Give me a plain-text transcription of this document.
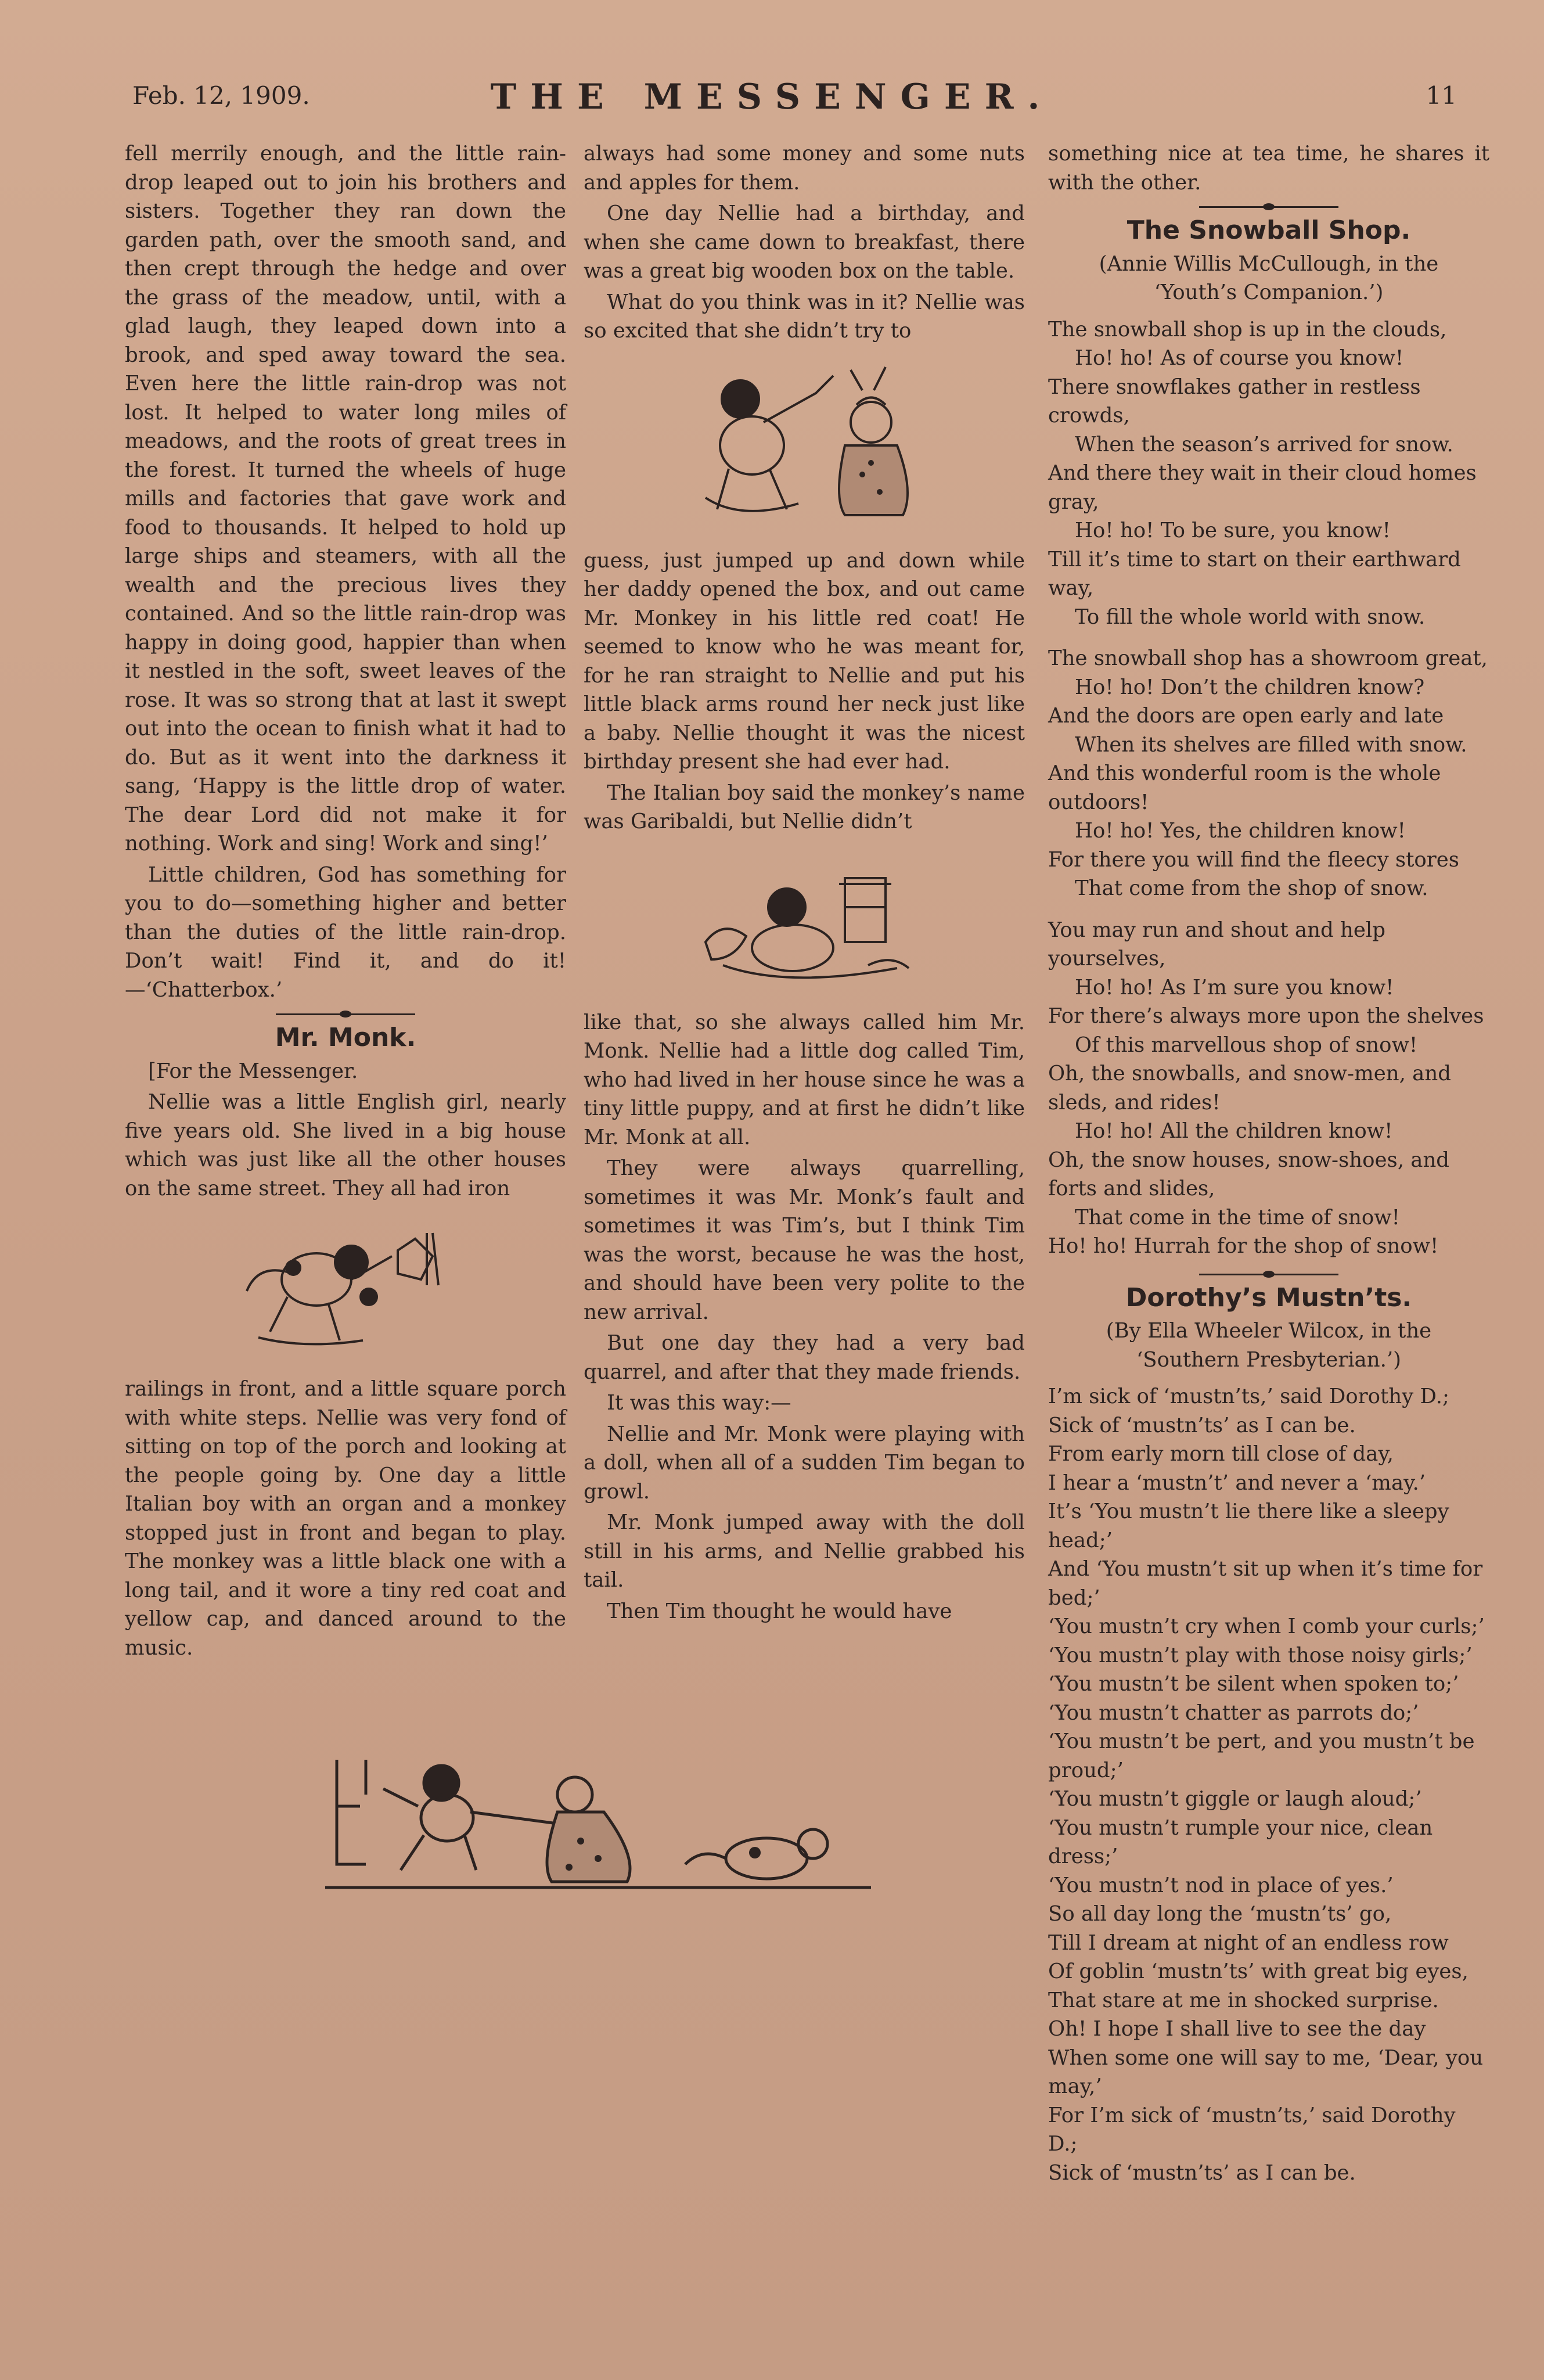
Feb. 12, 1909.	THE MESSENGER.	11

fell merrily enough, and the little rain-drop leaped out to join his brothers and sisters. Together they ran down the garden path, over the smooth sand, and then crept through the hedge and over the grass of the meadow, until, with a glad laugh, they leaped down into a brook, and sped away toward the sea. Even here the little rain-drop was not lost. It helped to water long miles of meadows, and the roots of great trees in the forest. It turned the wheels of huge mills and factories that gave work and food to thousands. It helped to hold up large ships and steamers, with all the wealth and the precious lives they contained. And so the little rain-drop was happy in doing good, happier than when it nestled in the soft, sweet leaves of the rose. It was so strong that at last it swept out into the ocean to finish what it had to do. But as it went into the darkness it sang, ‘Happy is the little drop of water. The dear Lord did not make it for nothing. Work and sing! Work and sing!’

Little children, God has something for you to do—something higher and better than the duties of the little rain-drop. Don’t wait! Find it, and do it!—‘Chatterbox.’

Mr. Monk.

[For the Messenger.

Nellie was a little English girl, nearly five years old. She lived in a big house which was just like all the other houses on the same street. They all had iron

railings in front, and a little square porch with white steps. Nellie was very fond of sitting on top of the porch and looking at the people going by. One day a little Italian boy with an organ and a monkey stopped just in front and began to play. The monkey was a little black one with a long tail, and it wore a tiny red coat and yellow cap, and danced around to the music.

always had some money and some nuts and apples for them.

One day Nellie had a birthday, and when she came down to breakfast, there was a great big wooden box on the table.

What do you think was in it? Nellie was so excited that she didn’t try to

guess, just jumped up and down while her daddy opened the box, and out came Mr. Monkey in his little red coat! He seemed to know who he was meant for, for he ran straight to Nellie and put his little black arms round her neck just like a baby. Nellie thought it was the nicest birthday present she had ever had.

The Italian boy said the monkey’s name was Garibaldi, but Nellie didn’t

like that, so she always called him Mr. Monk. Nellie had a little dog called Tim, who had lived in her house since he was a tiny little puppy, and at first he didn’t like Mr. Monk at all.

They were always quarrelling, sometimes it was Mr. Monk’s fault and sometimes it was Tim’s, but I think Tim was the worst, because he was the host, and should have been very polite to the new arrival.

But one day they had a very bad quarrel, and after that they made friends.

It was this way:—

Nellie and Mr. Monk were playing with a doll, when all of a sudden Tim began to growl.

Mr. Monk jumped away with the doll still in his arms, and Nellie grabbed his tail.

Then Tim thought he would have

something nice at tea time, he shares it with the other.

The Snowball Shop.
(Annie Willis McCullough, in the
‘Youth’s Companion.’)
The snowball shop is up in the clouds,
Ho! ho! As of course you know!
There snowflakes gather in restless crowds,
When the season’s arrived for snow.
And there they wait in their cloud homes gray,
Ho! ho! To be sure, you know!
Till it’s time to start on their earthward way,
To fill the whole world with snow.
The snowball shop has a showroom great,
Ho! ho! Don’t the children know?
And the doors are open early and late
When its shelves are filled with snow.
And this wonderful room is the whole outdoors!
Ho! ho! Yes, the children know!
For there you will find the fleecy stores
That come from the shop of snow.
You may run and shout and help yourselves,
Ho! ho! As I’m sure you know!
For there’s always more upon the shelves
Of this marvellous shop of snow!
Oh, the snowballs, and snow-men, and sleds, and rides!
Ho! ho! All the children know!
Oh, the snow houses, snow-shoes, and forts and slides,
That come in the time of snow!
Ho! ho! Hurrah for the shop of snow!
Dorothy’s Mustn’ts.
(By Ella Wheeler Wilcox, in the
‘Southern Presbyterian.’)
I’m sick of ‘mustn’ts,’ said Dorothy D.;
Sick of ‘mustn’ts’ as I can be.
From early morn till close of day,
I hear a ‘mustn’t’ and never a ‘may.’
It’s ‘You mustn’t lie there like a sleepy head;’
And ‘You mustn’t sit up when it’s time for bed;’
‘You mustn’t cry when I comb your curls;’
‘You mustn’t play with those noisy girls;’
‘You mustn’t be silent when spoken to;’
‘You mustn’t chatter as parrots do;’
‘You mustn’t be pert, and you mustn’t be proud;’
‘You mustn’t giggle or laugh aloud;’
‘You mustn’t rumple your nice, clean dress;’
‘You mustn’t nod in place of yes.’
So all day long the ‘mustn’ts’ go,
Till I dream at night of an endless row
Of goblin ‘mustn’ts’ with great big eyes,
That stare at me in shocked surprise.
Oh! I hope I shall live to see the day
When some one will say to me, ‘Dear, you may,’
For I’m sick of ‘mustn’ts,’ said Dorothy D.;
Sick of ‘mustn’ts’ as I can be.
